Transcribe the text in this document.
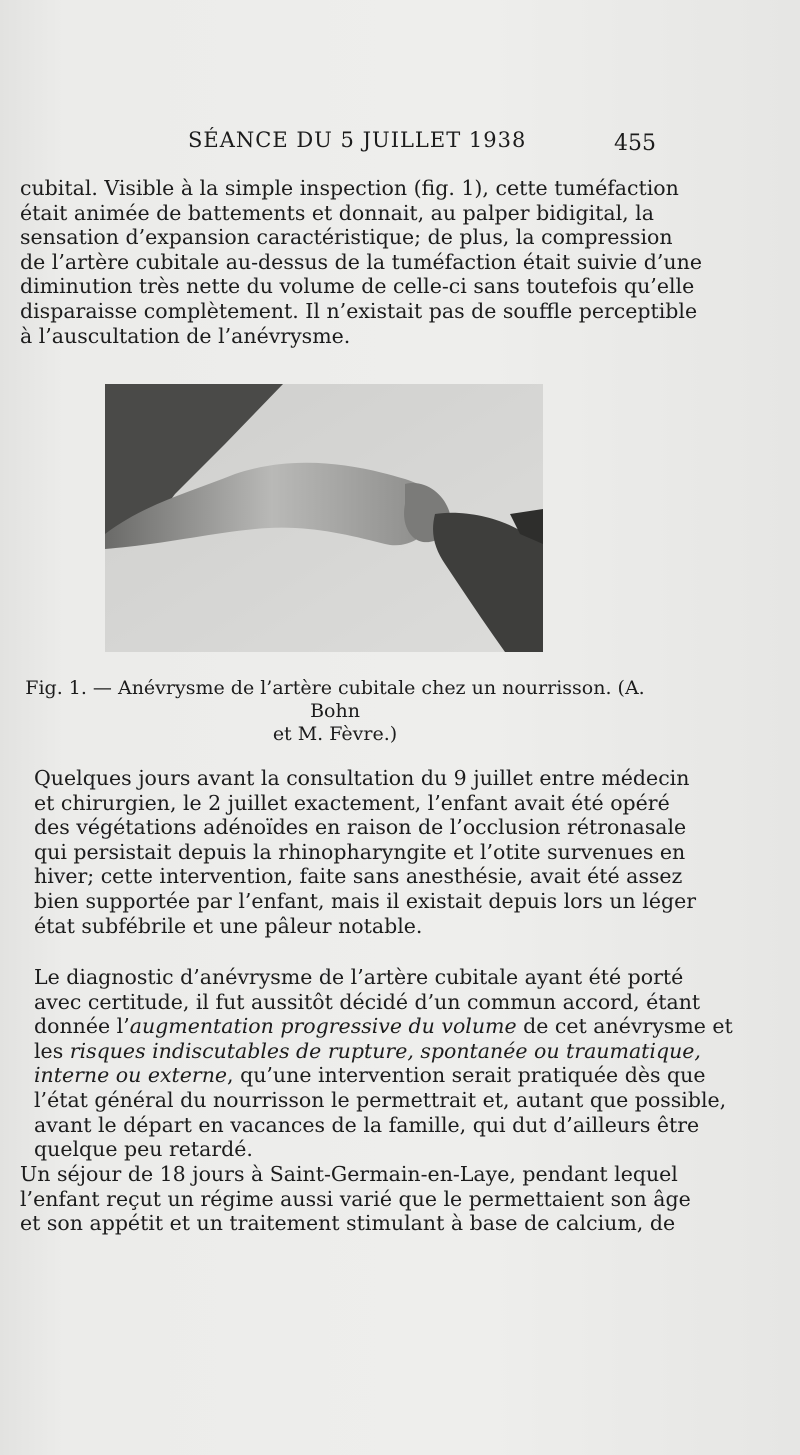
SÉANCE DU 5 JUILLET 1938	455
cubital. Visible à la simple inspection (fig. 1), cette tuméfaction
était animée de battements et donnait, au palper bidigital, la
sensation d’expansion caractéristique; de plus, la compression
de l’artère cubitale au-dessus de la tuméfaction était suivie d’une
diminution très nette du volume de celle-ci sans toutefois qu’elle
disparaisse complètement. Il n’existait pas de souffle perceptible
à l’auscultation de l’anévrysme.
Fig. 1. — Anévrysme de l’artère cubitale chez un nourrisson. (A. Bohn
et M. Fèvre.)
Quelques jours avant la consultation du 9 juillet entre médecin
et chirurgien, le 2 juillet exactement, l’enfant avait été opéré
des végétations adénoïdes en raison de l’occlusion rétronasale
qui persistait depuis la rhinopharyngite et l’otite survenues en
hiver; cette intervention, faite sans anesthésie, avait été assez
bien supportée par l’enfant, mais il existait depuis lors un léger
état subfébrile et une pâleur notable.
Le diagnostic d’anévrysme de l’artère cubitale ayant été porté
avec certitude, il fut aussitôt décidé d’un commun accord, étant
donnée l’augmentation progressive du volume de cet anévrysme et
les risques indiscutables de rupture, spontanée ou traumatique,
interne ou externe, qu’une intervention serait pratiquée dès que
l’état général du nourrisson le permettrait et, autant que possible,
avant le départ en vacances de la famille, qui dut d’ailleurs être
quelque peu retardé.
Un séjour de 18 jours à Saint-Germain-en-Laye, pendant lequel
l’enfant reçut un régime aussi varié que le permettaient son âge
et son appétit et un traitement stimulant à base de calcium, de
